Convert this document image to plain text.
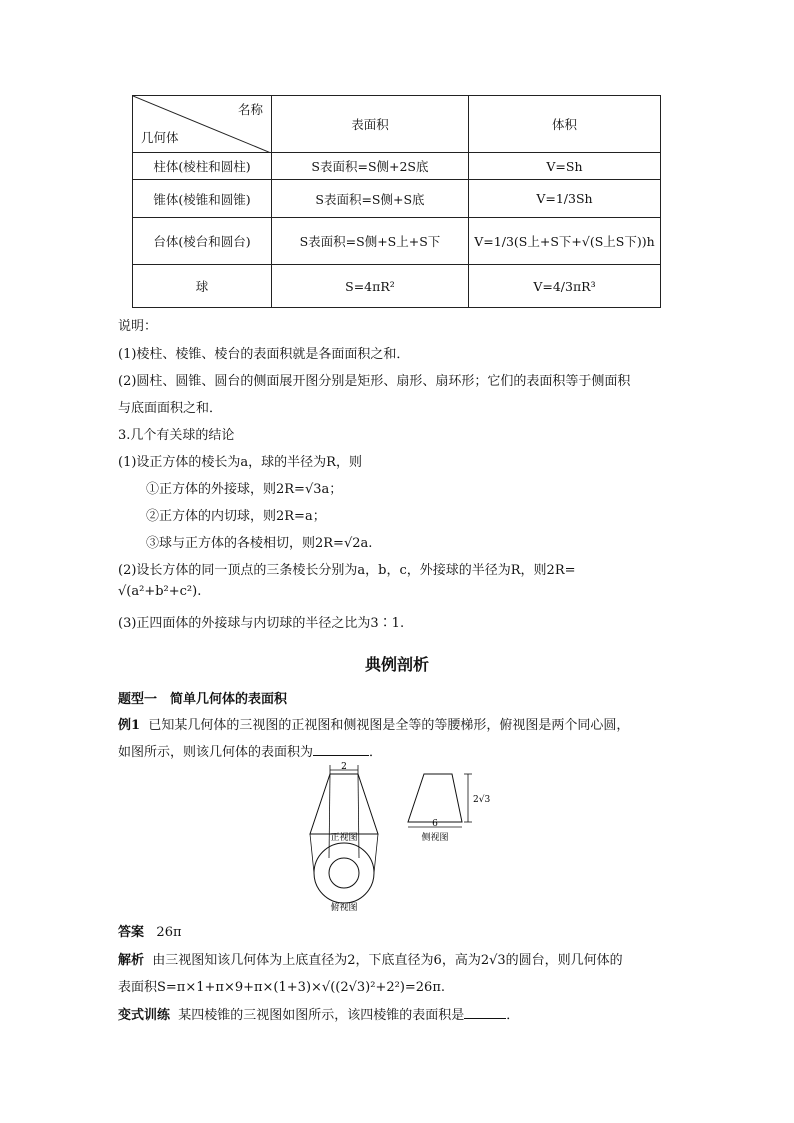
名称
几何体	表面积	体积
柱体(棱柱和圆柱)	S表面积=S侧+2S底	V=Sh
锥体(棱锥和圆锥)	S表面积=S侧+S底	V=1/3Sh
台体(棱台和圆台)	S表面积=S侧+S上+S下	V=1/3(S上+S下+√(S上S下))h
球	S=4πR²	V=4/3πR³
说明：
(1)棱柱、棱锥、棱台的表面积就是各面面积之和．
(2)圆柱、圆锥、圆台的侧面展开图分别是矩形、扇形、扇环形；它们的表面积等于侧面积
与底面面积之和．
3.几个有关球的结论
(1)设正方体的棱长为a，球的半径为R，则
①正方体的外接球，则2R=√3a；
②正方体的内切球，则2R=a；
③球与正方体的各棱相切，则2R=√2a.
(2)设长方体的同一顶点的三条棱长分别为a，b，c，外接球的半径为R，则2R=
√(a²+b²+c²).
(3)正四面体的外接球与内切球的半径之比为3∶1.
典例剖析
题型一　简单几何体的表面积
例1 已知某几何体的三视图的正视图和侧视图是全等的等腰梯形，俯视图是两个同心圆，
如图所示，则该几何体的表面积为	．
2
正视图
俯视图
6
2√3
侧视图
答案 26π
解析 由三视图知该几何体为上底直径为2，下底直径为6，高为2√3的圆台，则几何体的
表面积S=π×1+π×9+π×(1+3)×√((2√3)²+2²)=26π.
变式训练 某四棱锥的三视图如图所示，该四棱锥的表面积是	．
